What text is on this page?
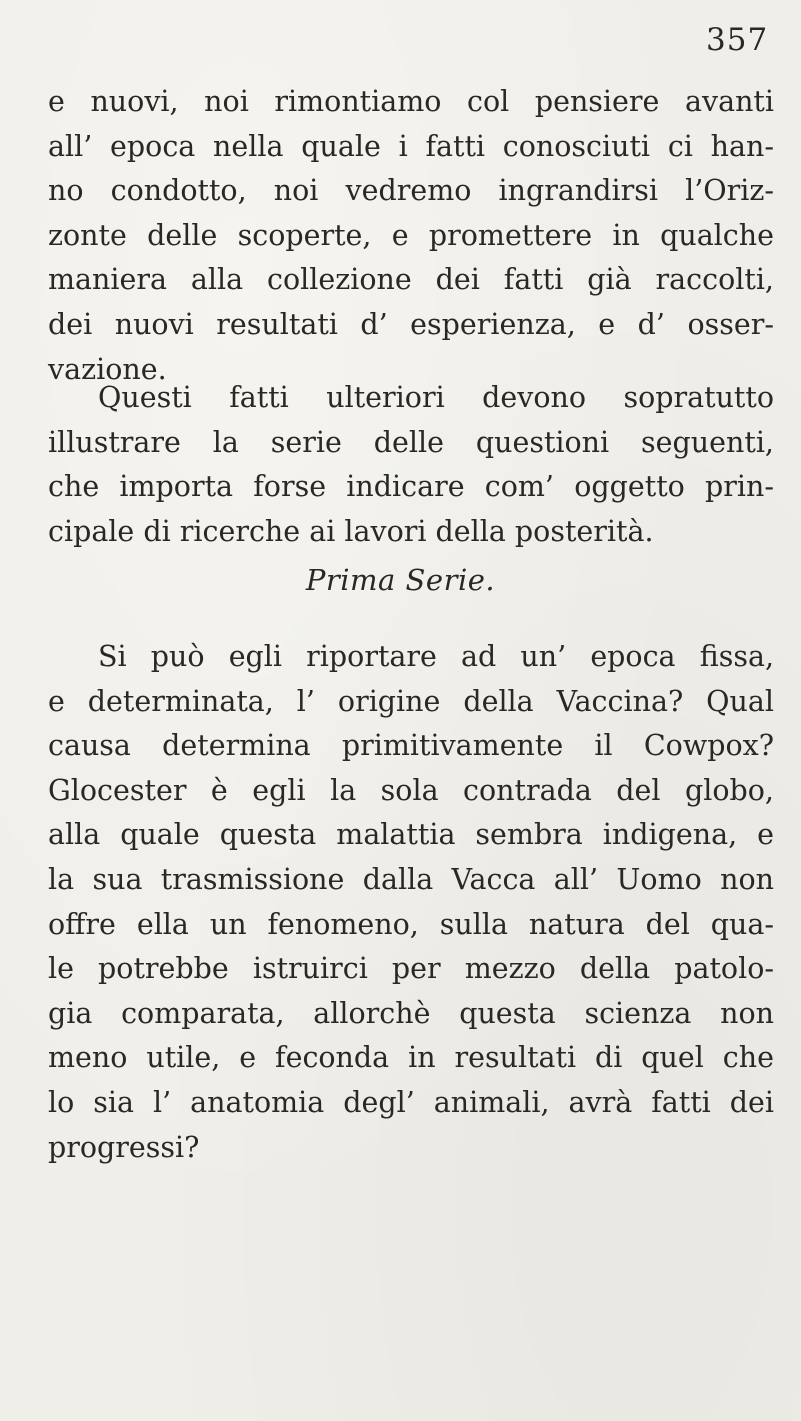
357
e nuovi, noi rimontiamo col pensiere avanti
all’ epoca nella quale i fatti conosciuti ci han-
no condotto, noi vedremo ingrandirsi l’Oriz-
zonte delle scoperte, e promettere in qualche
maniera alla collezione dei fatti già raccolti,
dei nuovi resultati d’ esperienza, e d’ osser-
vazione.
Questi fatti ulteriori devono sopratutto
illustrare la serie delle questioni seguenti,
che importa forse indicare com’ oggetto prin-
cipale di ricerche ai lavori della posterità.
Prima Serie.
Si può egli riportare ad un’ epoca fissa,
e determinata, l’ origine della Vaccina? Qual
causa determina primitivamente il Cowpox?
Glocester è egli la sola contrada del globo,
alla quale questa malattia sembra indigena, e
la sua trasmissione dalla Vacca all’ Uomo non
offre ella un fenomeno, sulla natura del qua-
le potrebbe istruirci per mezzo della patolo-
gia comparata, allorchè questa scienza non
meno utile, e feconda in resultati di quel che
lo sia l’ anatomia degl’ animali, avrà fatti dei
progressi?
